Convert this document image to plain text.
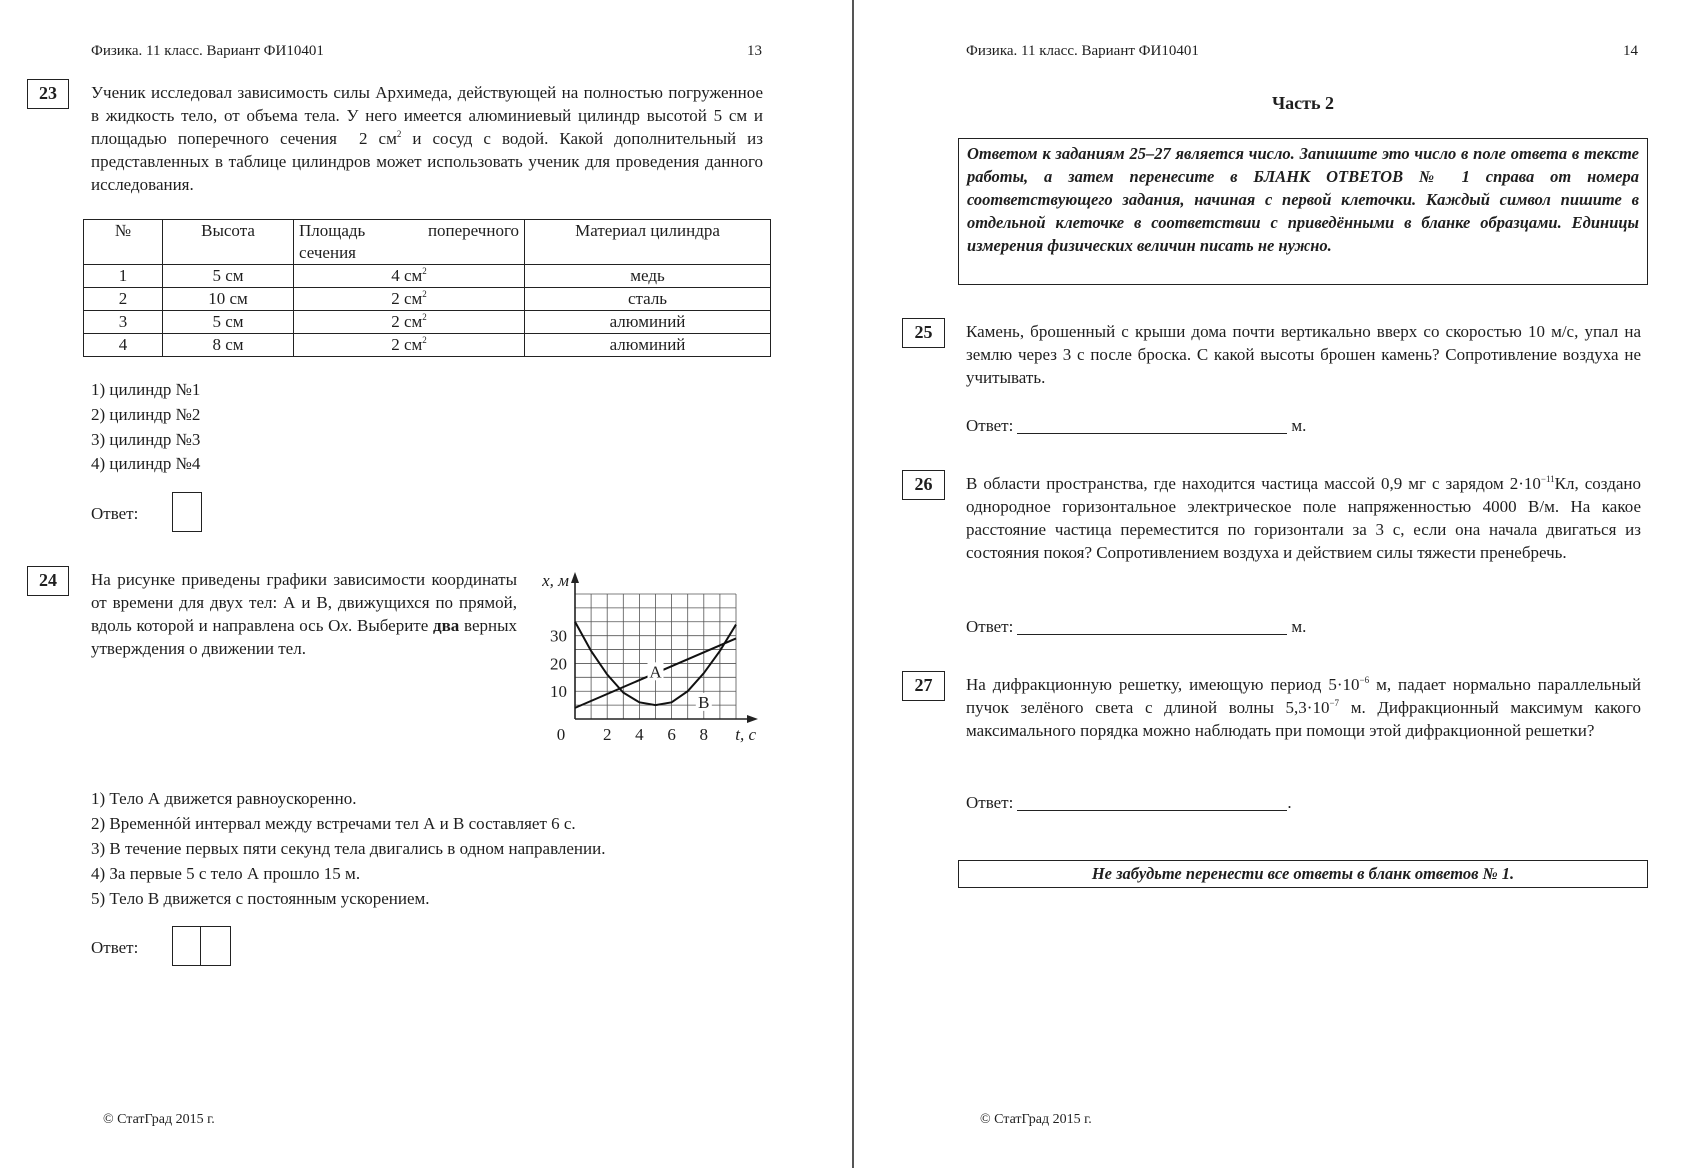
Физика. 11 класс. Вариант ФИ10401	13
23	Ученик исследовал зависимость силы Архимеда, действующей на полностью погруженное в жидкость тело, от объема тела. У него имеется алюминиевый цилиндр высотой 5 см и площадью поперечного сечения 2 $см^2$ и сосуд с водой. Какой дополнительный из представленных в таблице цилиндров может использовать ученик для проведения данного исследования.
№	Высота	Площадь поперечного сечения	Материал цилиндра
1	5 см	4 $см^2$	медь
2	10 см	2 $см^2$	сталь
3	5 см	2 $см^2$	алюминий
4	8 см	2 $см^2$	алюминий
1) цилиндр №1
2) цилиндр №2
3) цилиндр №3
4) цилиндр №4
Ответ:
24	На рисунке приведены графики зависимости координаты от времени для двух тел: А и В, движущихся по прямой, вдоль которой и направлена ось Оx. Выберите два верных утверждения о движении тел.
0 2 4 6 8
10
20
30
t, с
x, м
A
B
1) Тело А движется равноускоренно.
2) Временнóй интервал между встречами тел А и В составляет 6 с.
3) В течение первых пяти секунд тела двигались в одном направлении.
4) За первые 5 с тело А прошло 15 м.
5) Тело В движется с постоянным ускорением.
Ответ:
© СтатГрад 2015 г.
Физика. 11 класс. Вариант ФИ10401	14
Часть 2
Ответом к заданиям 25–27 является число. Запишите это число в поле ответа в тексте работы, а затем перенесите в БЛАНК ОТВЕТОВ № 1 справа от номера соответствующего задания, начиная с первой клеточки. Каждый символ пишите в отдельной клеточке в соответствии с приведёнными в бланке образцами. Единицы измерения физических величин писать не нужно.
25	Камень, брошенный с крыши дома почти вертикально вверх со скоростью 10 м/с, упал на землю через 3 с после броска. С какой высоты брошен камень? Сопротивление воздуха не учитывать.
Ответ:	м.
26	В области пространства, где находится частица массой 0,9 мг с зарядом $2\cdot 10^{-11}Кл$, создано однородное горизонтальное электрическое поле напряженностью 4000 В/м. На какое расстояние частица переместится по горизонтали за 3 с, если она начала двигаться из состояния покоя? Сопротивлением воздуха и действием силы тяжести пренебречь.
Ответ:	м.
27	На дифракционную решетку, имеющую период $5\cdot 10^{-6}$ м, падает нормально параллельный пучок зелёного света с длиной волны $5,3\cdot 10^{-7}$ м. Дифракционный максимум какого максимального порядка можно наблюдать при помощи этой дифракционной решетки?
Ответ:	.
Не забудьте перенести все ответы в бланк ответов № 1.
© СтатГрад 2015 г.
